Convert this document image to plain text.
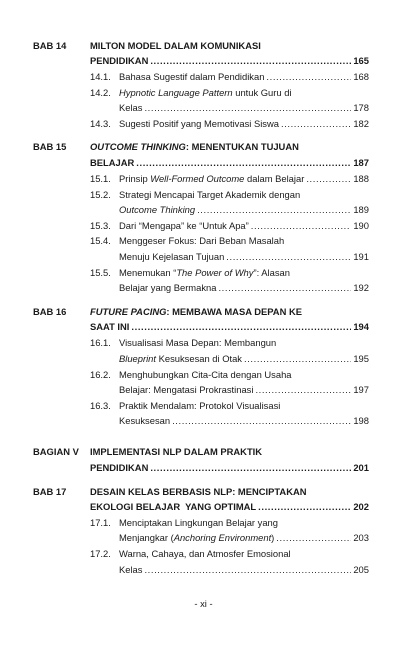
BAB 14	MILTON MODEL DALAM KOMUNIKASI
PENDIDIKAN .....	165
14.1. Bahasa Sugestif dalam Pendidikan .....	168
14.2. Hypnotic Language Pattern untuk Guru di
Kelas .....	178
14.3. Sugesti Positif yang Memotivasi Siswa .....	182
BAB 15	OUTCOME THINKING: MENENTUKAN TUJUAN
BELAJAR .....	187
15.1. Prinsip Well-Formed Outcome dalam Belajar .....	188
15.2. Strategi Mencapai Target Akademik dengan
Outcome Thinking .....	189
15.3. Dari “Mengapa” ke “Untuk Apa” .....	190
15.4. Menggeser Fokus: Dari Beban Masalah
Menuju Kejelasan Tujuan .....	191
15.5. Menemukan “The Power of Why”: Alasan
Belajar yang Bermakna .....	192
BAB 16	FUTURE PACING: MEMBAWA MASA DEPAN KE
SAAT INI .....	194
16.1. Visualisasi Masa Depan: Membangun
Blueprint Kesuksesan di Otak .....	195
16.2. Menghubungkan Cita-Cita dengan Usaha
Belajar: Mengatasi Prokrastinasi .....	197
16.3. Praktik Mendalam: Protokol Visualisasi
Kesuksesan .....	198
BAGIAN V IMPLEMENTASI NLP DALAM PRAKTIK
PENDIDIKAN .....	201
BAB 17	DESAIN KELAS BERBASIS NLP: MENCIPTAKAN
EKOLOGI BELAJAR  YANG OPTIMAL .....	202
17.1. Menciptakan Lingkungan Belajar yang
Menjangkar (Anchoring Environment) .....	203
17.2. Warna, Cahaya, dan Atmosfer Emosional
Kelas .....	205
- xi -
